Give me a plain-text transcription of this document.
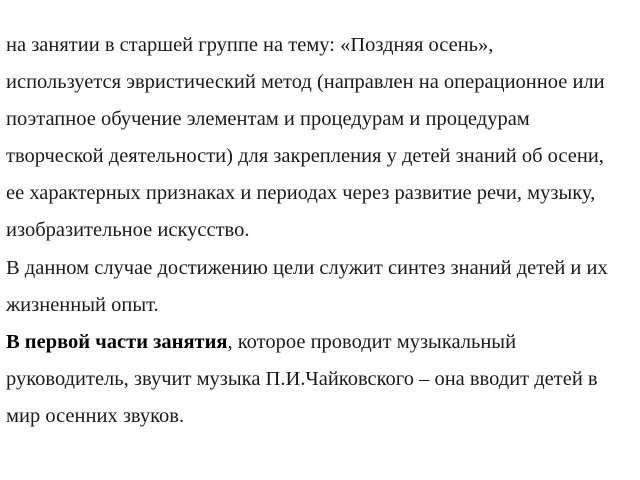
на занятии в старшей группе на тему: «Поздняя осень»,
используется эвристический метод (направлен на операционное или
поэтапное обучение элементам и процедурам и процедурам
творческой деятельности) для закрепления у детей знаний об осени,
ее характерных признаках и периодах через развитие речи, музыку,
изобразительное искусство.
В данном случае достижению цели служит синтез знаний детей и их
жизненный опыт.
В первой части занятия, которое проводит музыкальный
руководитель, звучит музыка П.И.Чайковского – она вводит детей в
мир осенних звуков.
